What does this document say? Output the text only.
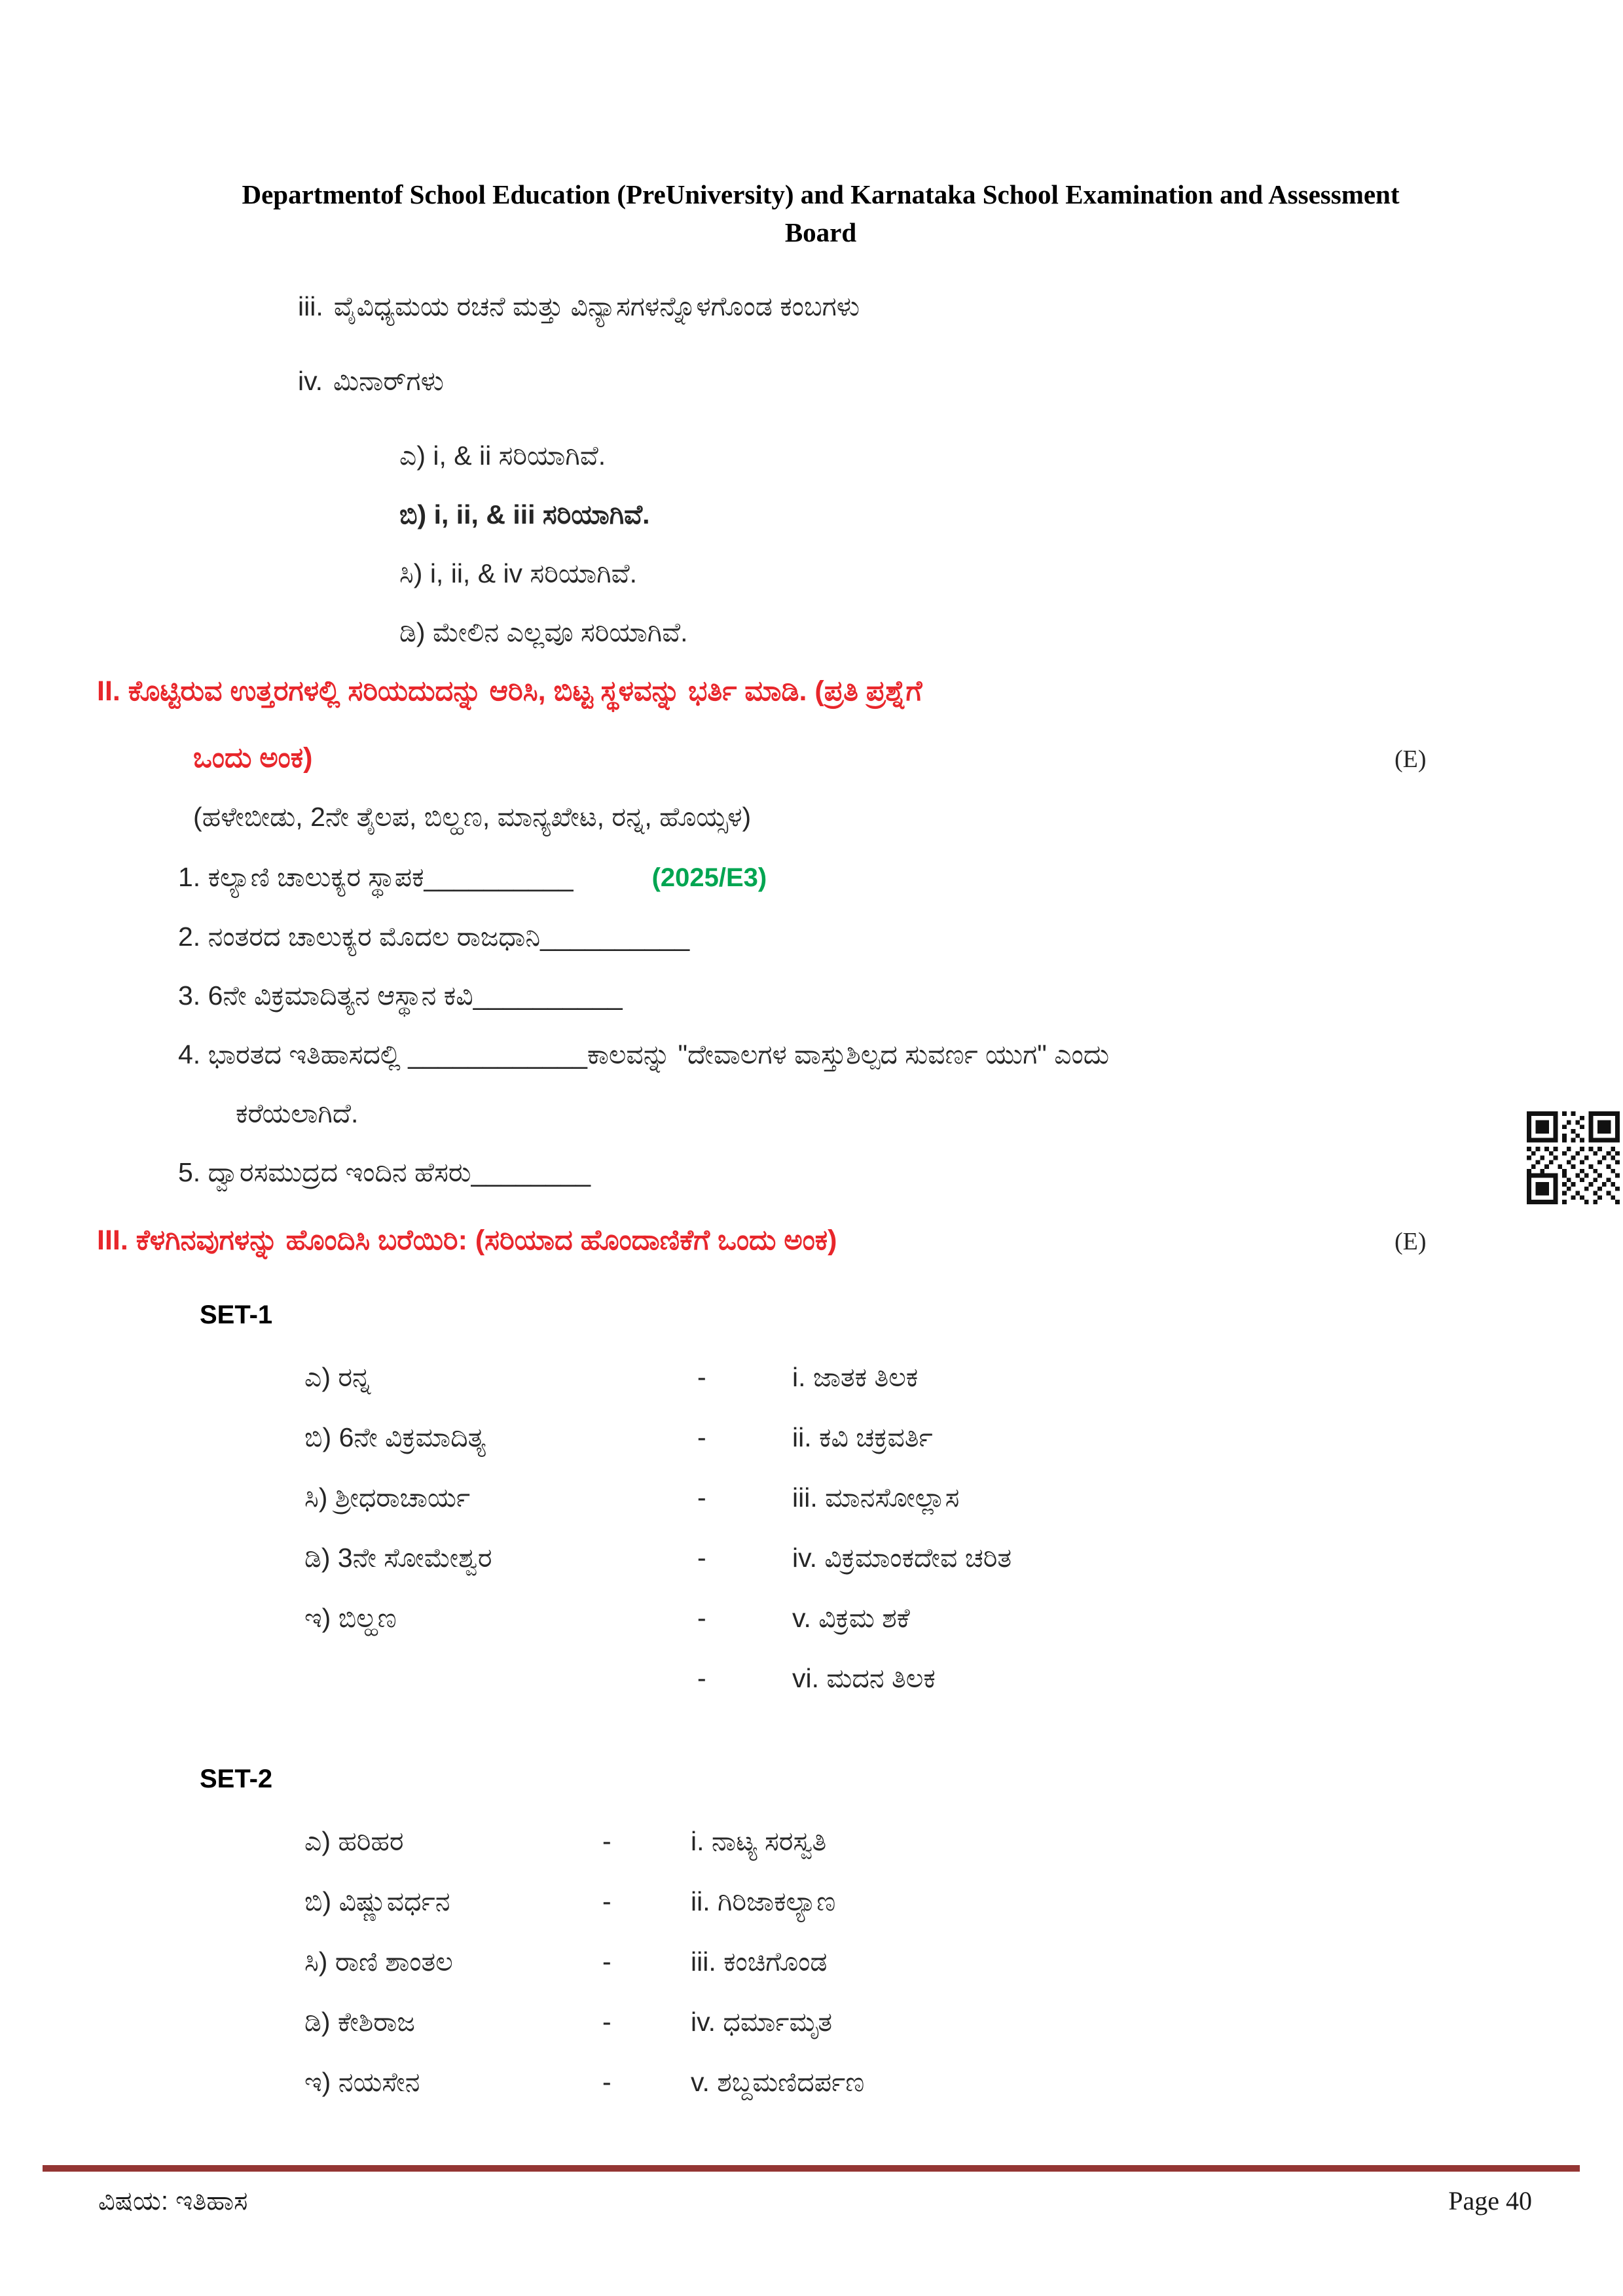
Departmentof School Education (PreUniversity) and Karnataka School Examination and Assessment
Board
iii. ವೈವಿಧ್ಯಮಯ ರಚನೆ ಮತ್ತು ವಿನ್ಯಾಸಗಳನ್ನೊಳಗೊಂಡ ಕಂಬಗಳು
iv. ಮಿನಾರ್‌ಗಳು
ಎ) i, & ii ಸರಿಯಾಗಿವೆ.
ಬಿ) i, ii, & iii ಸರಿಯಾಗಿವೆ.
ಸಿ) i, ii, & iv ಸರಿಯಾಗಿವೆ.
ಡಿ) ಮೇಲಿನ ಎಲ್ಲವೂ ಸರಿಯಾಗಿವೆ.
II. ಕೊಟ್ಟಿರುವ ಉತ್ತರಗಳಲ್ಲಿ ಸರಿಯದುದನ್ನು ಆರಿಸಿ, ಬಿಟ್ಟ ಸ್ಥಳವನ್ನು ಭರ್ತಿ ಮಾಡಿ. (ಪ್ರತಿ ಪ್ರಶ್ನೆಗೆ
ಒಂದು ಅಂಕ)	(E)
(ಹಳೇಬೀಡು, 2ನೇ ತೈಲಪ, ಬಿಲ್ಹಣ, ಮಾನ್ಯಖೇಟ, ರನ್ನ, ಹೊಯ್ಸಳ)
1. ಕಲ್ಯಾಣಿ ಚಾಲುಕ್ಯರ ಸ್ಥಾಪಕ__________	(2025/E3)
2. ನಂತರದ ಚಾಲುಕ್ಯರ ಮೊದಲ ರಾಜಧಾನಿ__________
3. 6ನೇ ವಿಕ್ರಮಾದಿತ್ಯನ ಆಸ್ಥಾನ ಕವಿ__________
4. ಭಾರತದ ಇತಿಹಾಸದಲ್ಲಿ ____________ಕಾಲವನ್ನು "ದೇವಾಲಗಳ ವಾಸ್ತುಶಿಲ್ಪದ ಸುವರ್ಣ ಯುಗ" ಎಂದು
ಕರೆಯಲಾಗಿದೆ.
5. ದ್ವಾರಸಮುದ್ರದ ಇಂದಿನ ಹೆಸರು________
III. ಕೆಳಗಿನವುಗಳನ್ನು ಹೊಂದಿಸಿ ಬರೆಯಿರಿ: (ಸರಿಯಾದ ಹೊಂದಾಣಿಕೆಗೆ ಒಂದು ಅಂಕ)	(E)
SET-1
ಎ) ರನ್ನ	-	i. ಜಾತಕ ತಿಲಕ
ಬಿ) 6ನೇ ವಿಕ್ರಮಾದಿತ್ಯ	-	ii. ಕವಿ ಚಕ್ರವರ್ತಿ
ಸಿ) ಶ್ರೀಧರಾಚಾರ್ಯ	-	iii. ಮಾನಸೋಲ್ಲಾಸ
ಡಿ) 3ನೇ ಸೋಮೇಶ್ವರ	-	iv. ವಿಕ್ರಮಾಂಕದೇವ ಚರಿತ
ಇ) ಬಿಲ್ಹಣ	-	v. ವಿಕ್ರಮ ಶಕೆ
-	vi. ಮದನ ತಿಲಕ
SET-2
ಎ) ಹರಿಹರ	-	i. ನಾಟ್ಯ ಸರಸ್ವತಿ
ಬಿ) ವಿಷ್ಣುವರ್ಧನ	-	ii. ಗಿರಿಜಾಕಲ್ಯಾಣ
ಸಿ) ರಾಣಿ ಶಾಂತಲ	-	iii. ಕಂಚಿಗೊಂಡ
ಡಿ) ಕೇಶಿರಾಜ	-	iv. ಧರ್ಮಾಮೃತ
ಇ) ನಯಸೇನ	-	v. ಶಬ್ದಮಣಿದರ್ಪಣ
ವಿಷಯ: ಇತಿಹಾಸ	Page 40
